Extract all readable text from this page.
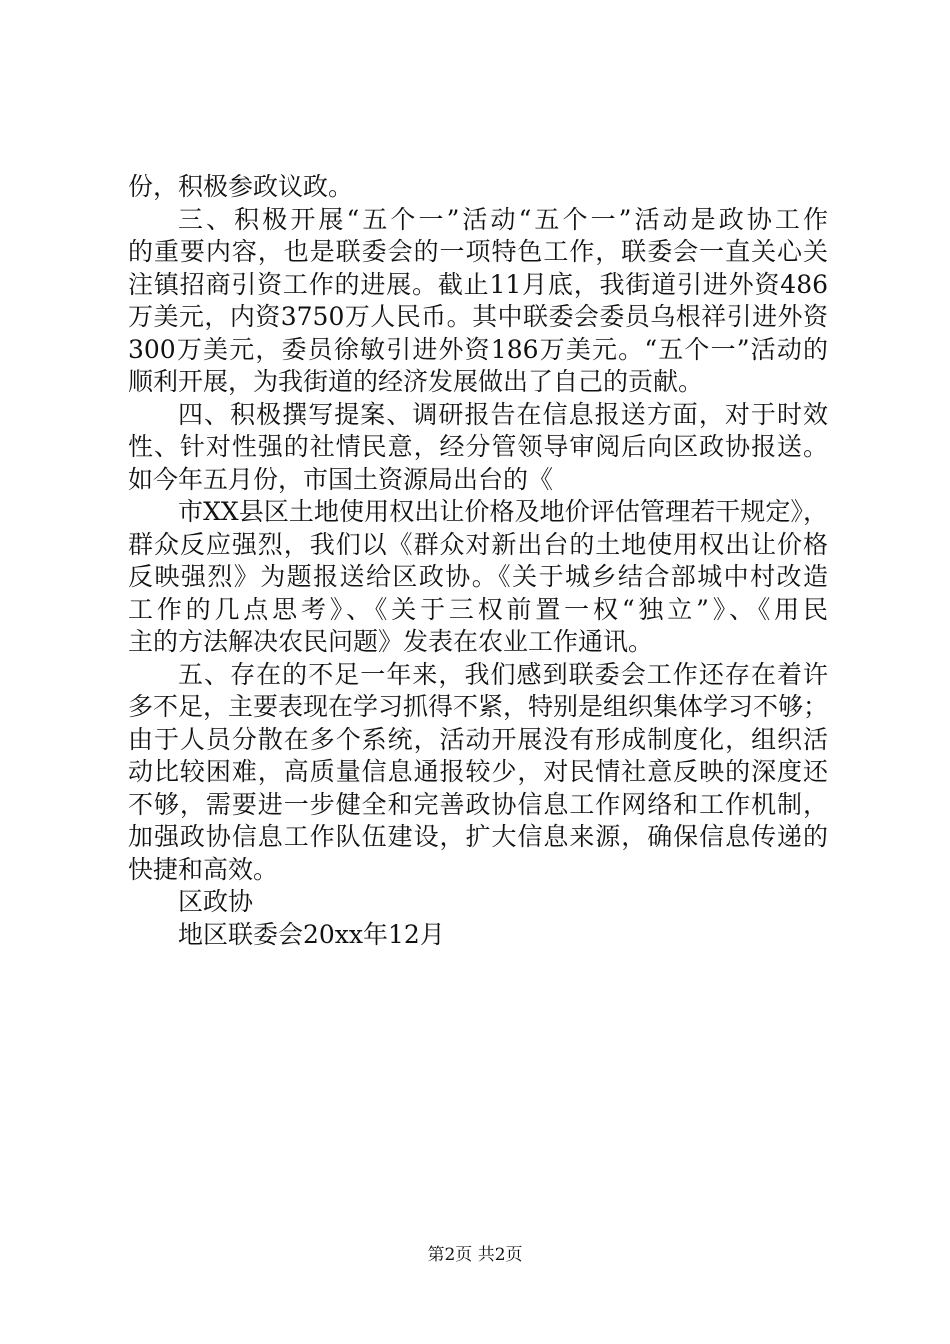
份，积极参政议政。

三、积极开展“五个一”活动“五个一”活动是政协工作

的重要内容，也是联委会的一项特色工作，联委会一直关心关

注镇招商引资工作的进展。截止11月底，我街道引进外资486

万美元，内资3750万人民币。其中联委会委员乌根祥引进外资

300万美元，委员徐敏引进外资186万美元。“五个一”活动的

顺利开展，为我街道的经济发展做出了自己的贡献。

四、积极撰写提案、调研报告在信息报送方面，对于时效

性、针对性强的社情民意，经分管领导审阅后向区政协报送。

如今年五月份，市国土资源局出台的《

市XX县区土地使用权出让价格及地价评估管理若干规定》，

群众反应强烈，我们以《群众对新出台的土地使用权出让价格

反映强烈》为题报送给区政协。《关于城乡结合部城中村改造

工作的几点思考》、《关于三权前置一权“独立”》、《用民

主的方法解决农民问题》发表在农业工作通讯。

五、存在的不足一年来，我们感到联委会工作还存在着许

多不足，主要表现在学习抓得不紧，特别是组织集体学习不够；

由于人员分散在多个系统，活动开展没有形成制度化，组织活

动比较困难，高质量信息通报较少，对民情社意反映的深度还

不够，需要进一步健全和完善政协信息工作网络和工作机制，

加强政协信息工作队伍建设，扩大信息来源，确保信息传递的

快捷和高效。

区政协

地区联委会20xx年12月

第2页 共2页
